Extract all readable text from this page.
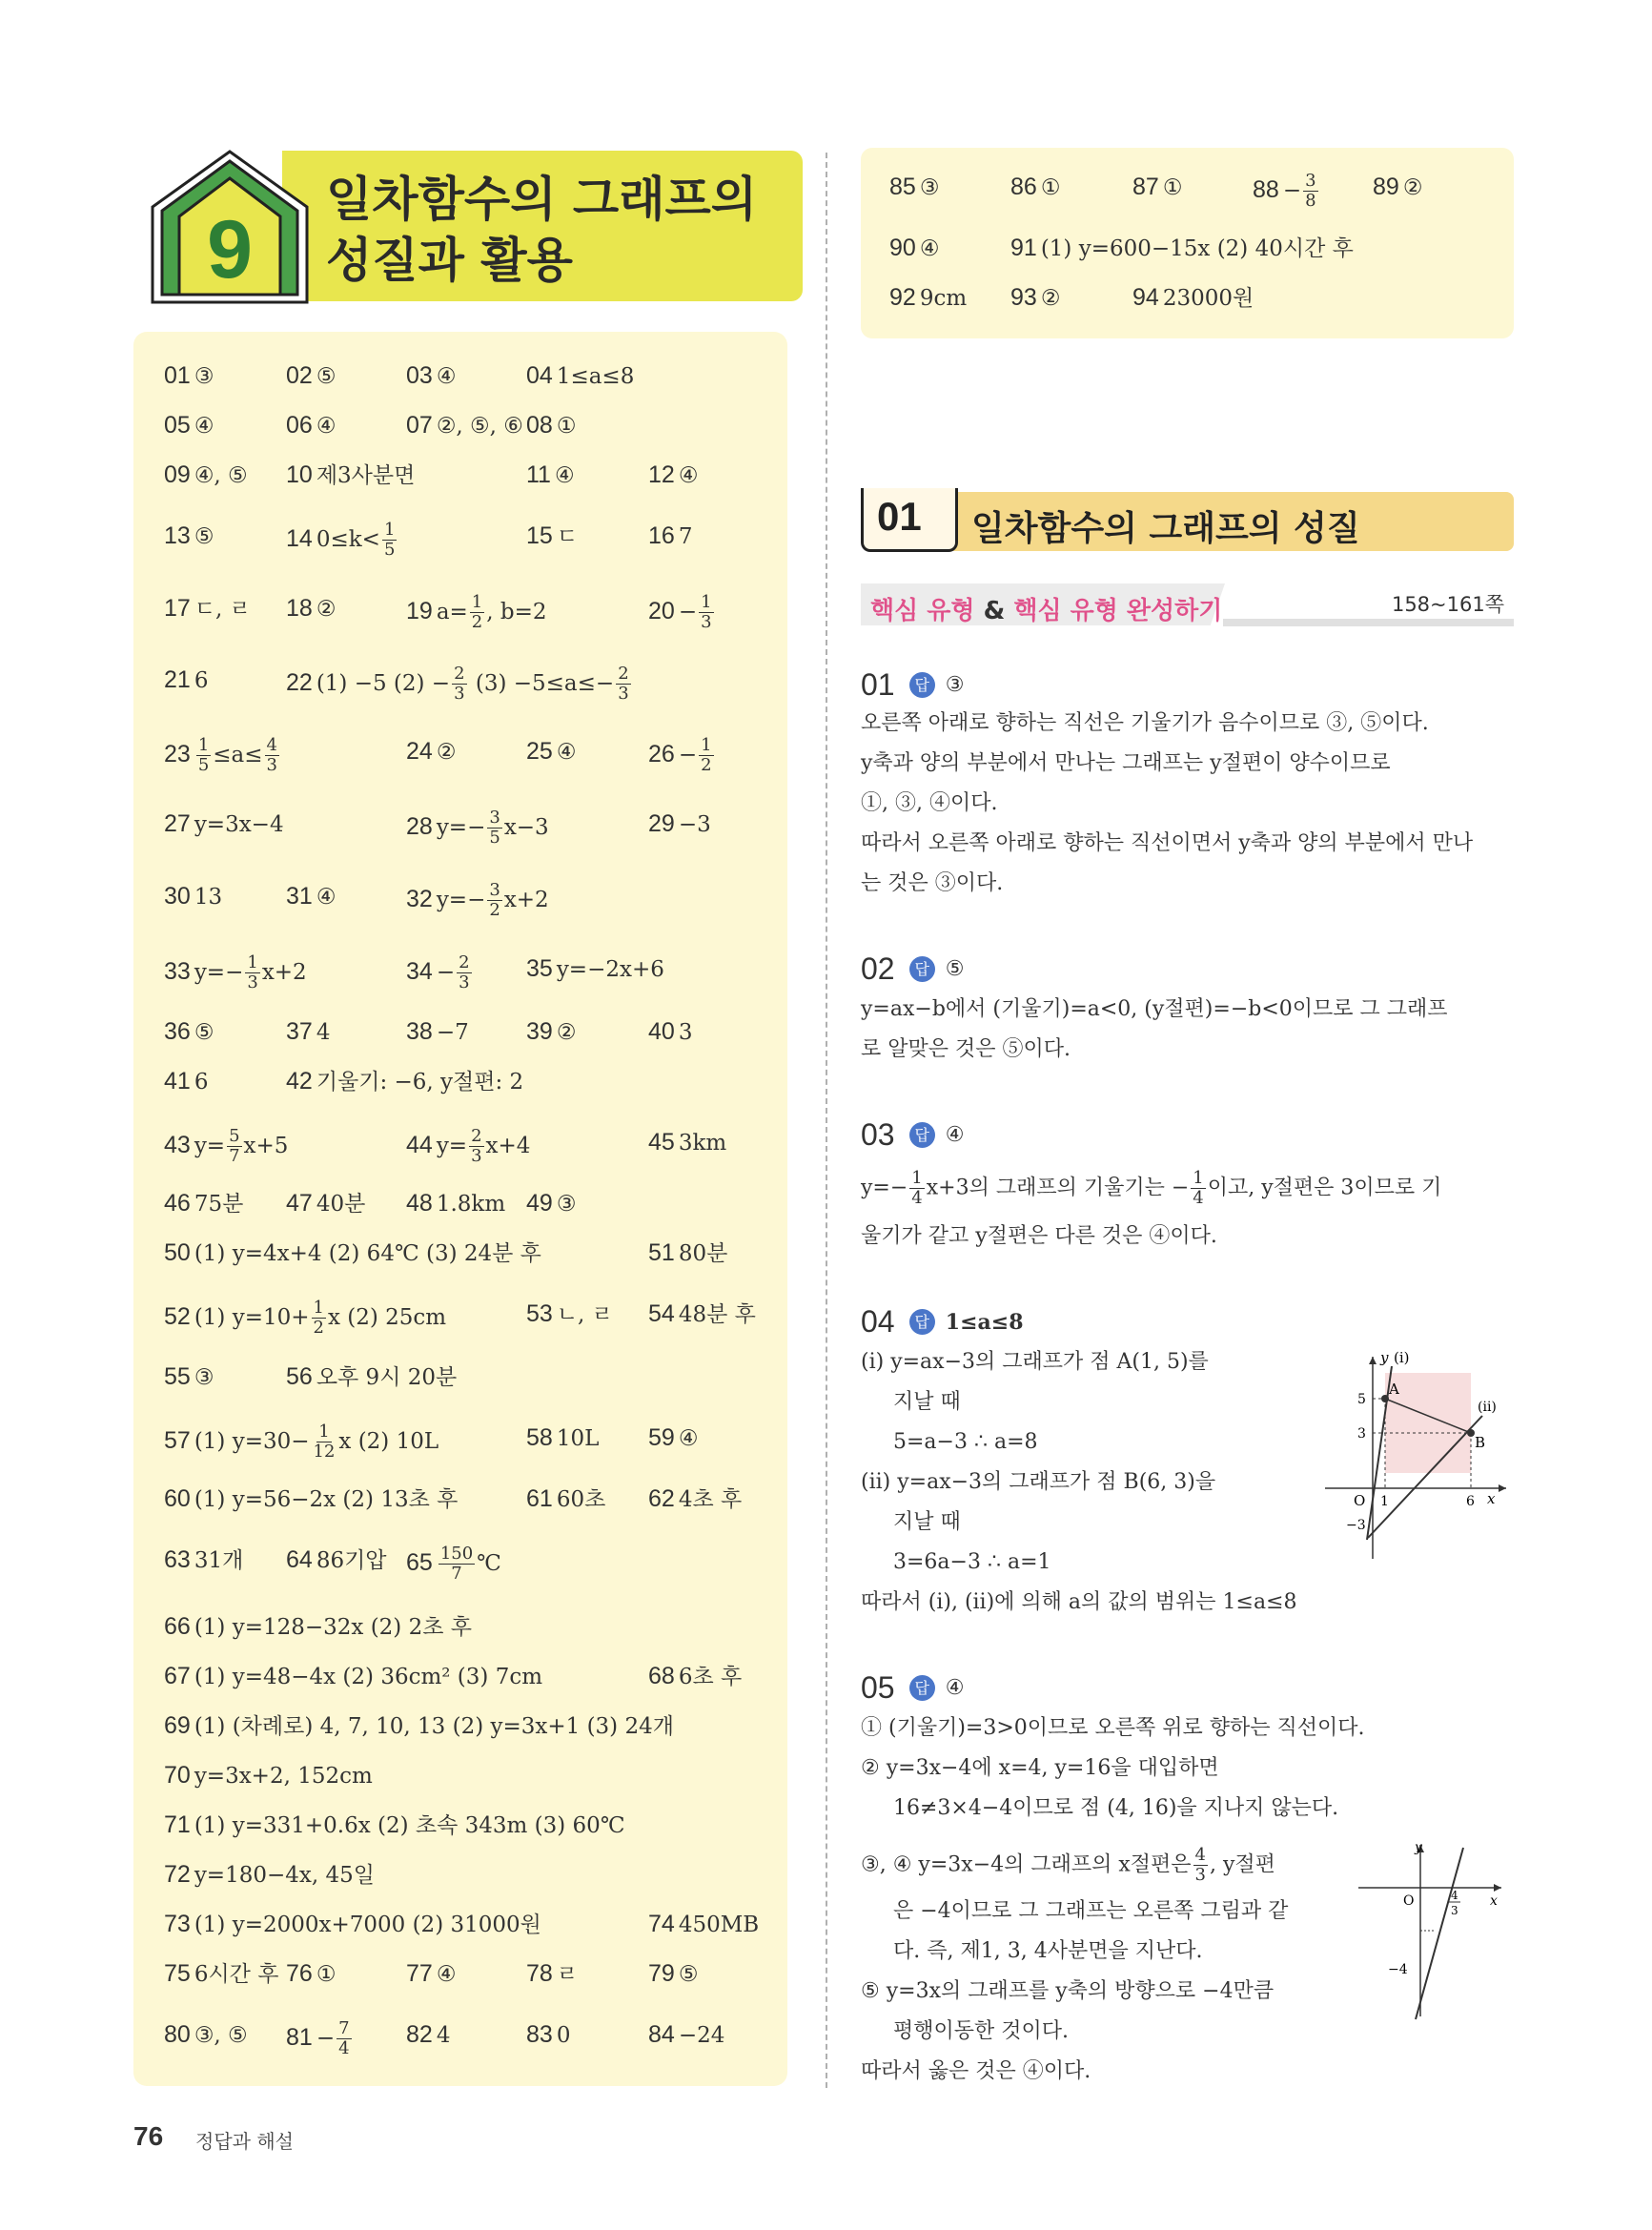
9
일차함수의 그래프의
성질과 활용
01 ③	02 ⑤	03 ④	04 1≤a≤8
05 ④	06 ④	07 ②, ⑤, ⑥ 08 ①
09 ④, ⑤ 10 제3사분면	11 ④	12 ④
13 ⑤	14 $0\le k< \frac{1}{5}$	15 ㄷ	16 7
17 ㄷ, ㄹ 18 ②	19 $a= \frac{1}{2}$ , b=2	$20 - \frac{1}{3}$
21 6	22 (1) −5 $(2) - \frac{2}{3} (3) -5\le a\le- \frac{2}{3}$
$23 \frac{1}{5} \le a\le \frac{4}{3}$	24 ②	25 ④	$26 - \frac{1}{2}$
27 y=3x−4	28 $y=- \frac{3}{5} x-3$	29 −3
30 13	31 ④	32 $y=- \frac{3}{2} x+2$
33 $y=- \frac{1}{3} x+2$	$34 - \frac{2}{3} 35$ y=−2x+6
36 ⑤	37 4	38 −7 39 ②	40 3
41 6	42 기울기: −6, y절편: 2
43 $y= \frac{5}{7} x+5$	44 $y= \frac{2}{3} x+4$	45 3km
46 75분 47 40분 48 1.8km 49 ③
50 (1) y=4x+4 (2) 64℃ (3) 24분 후	51 80분
52 (1) $y=10+ \frac{1}{2}$ x (2) 25cm	53 ㄴ, ㄹ 54 48분 후
55 ③	56 오후 9시 20분
57 (1) $y=30- \frac{1}{12}$ x (2) 10L	58 10L 59 ④
60 (1) y=56−2x (2) 13초 후	61 60초 62 4초 후
63 31개 64 86기압 $65 \frac{150}{7}$ ℃
66 (1) y=128−32x (2) 2초 후
67 (1) y=48−4x (2) 36cm² (3) 7cm	68 6초 후
69 (1) (차례로) 4, 7, 10, 13 (2) y=3x+1 (3) 24개
70 y=3x+2, 152cm
71 (1) y=331+0.6x (2) 초속 343m (3) 60℃
72 y=180−4x, 45일
73 (1) y=2000x+7000 (2) 31000원	74 450MB
75 6시간 후 76 ①	77 ④	78 ㄹ	79 ⑤
80 ③, ⑤ $81 - \frac{7}{4} 82$ 4	83 0	84 −24
85 ③	86 ①	87 ①	$88 - \frac{3}{8} 89$ ②
90 ④	91 (1) y=600−15x (2) 40시간 후
92 9cm 93 ②	94 23000원
01 일차함수의 그래프의 성질
핵심 유형 & 핵심 유형 완성하기	158~161쪽
01 답 ③
오른쪽 아래로 향하는 직선은 기울기가 음수이므로 ③, ⑤이다.
y축과 양의 부분에서 만나는 그래프는 y절편이 양수이므로
①, ③, ④이다.
따라서 오른쪽 아래로 향하는 직선이면서 y축과 양의 부분에서 만나
는 것은 ③이다.
02 답 ⑤
y=ax−b에서 (기울기)=a<0, (y절편)=−b<0이므로 그 그래프
로 알맞은 것은 ⑤이다.
03 답 ④
$y=- \frac{1}{4} x+3$의 그래프의 기울기는 − $\frac{1}{4}$ 이고, y절편은 3이므로 기
울기가 같고 y절편은 다른 것은 ④이다.
04 답 1≤a≤8
(i) y=ax−3의 그래프가 점 A(1, 5)를
지날 때
5=a−3 ∴ a=8
(ii) y=ax−3의 그래프가 점 B(6, 3)을
지날 때
3=6a−3 ∴ a=1
따라서 (i), (ii)에 의해 a의 값의 범위는 1≤a≤8
y (i)
x
O
5
3
1	6
−3
A
B
(ii)
05 답 ④
① (기울기)=3>0이므로 오른쪽 위로 향하는 직선이다.
② y=3x−4에 x=4, y=16을 대입하면
16≠3×4−4이므로 점 (4, 16)을 지나지 않는다.
③, ④ y=3x−4의 그래프의 x절편은 $\frac{4}{3}$ , y절편
은 −4이므로 그 그래프는 오른쪽 그림과 같
다. 즉, 제1, 3, 4사분면을 지난다.
⑤ y=3x의 그래프를 y축의 방향으로 −4만큼
평행이동한 것이다.
따라서 옳은 것은 ④이다.
y
x
O	4
3
−4
76 정답과 해설
